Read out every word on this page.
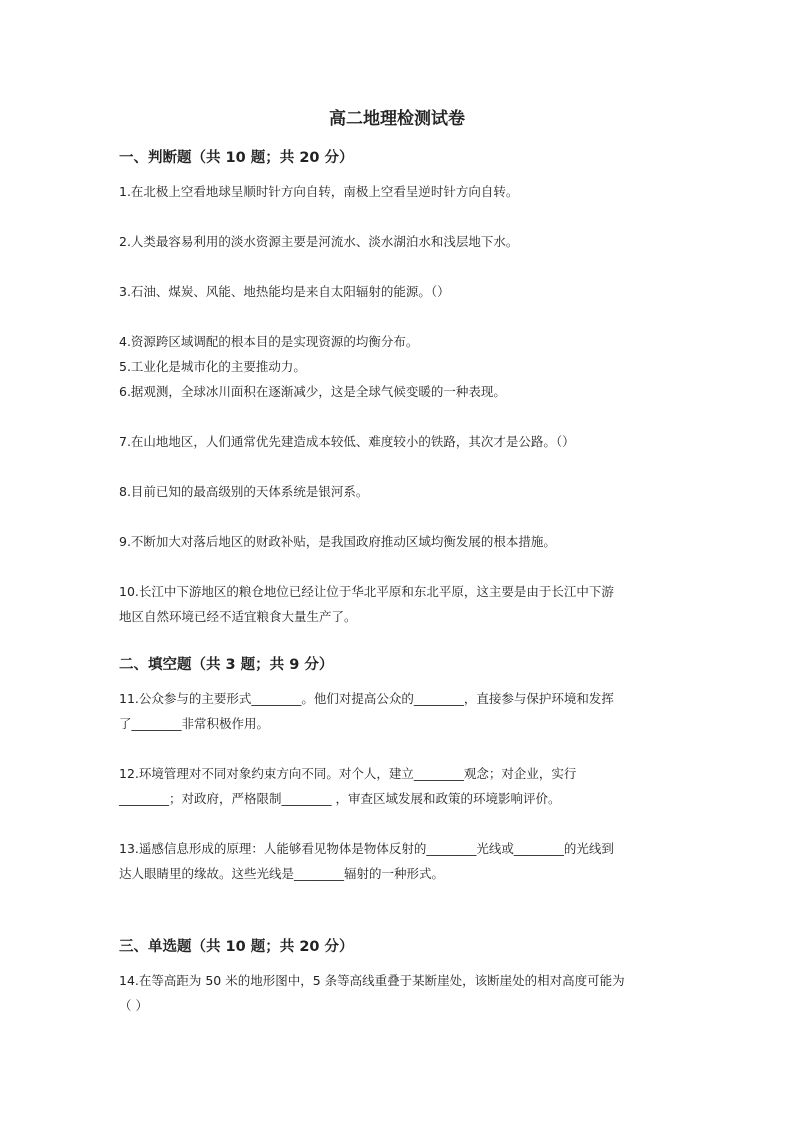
高二地理检测试卷
一、判断题（共 10 题；共 20 分）
1.在北极上空看地球呈顺时针方向自转，南极上空看呈逆时针方向自转。
2.人类最容易利用的淡水资源主要是河流水、淡水湖泊水和浅层地下水。
3.石油、煤炭、风能、地热能均是来自太阳辐射的能源。（）
4.资源跨区域调配的根本目的是实现资源的均衡分布。
5.工业化是城市化的主要推动力。
6.据观测，全球冰川面积在逐渐减少，这是全球气候变暖的一种表现。
7.在山地地区，人们通常优先建造成本较低、难度较小的铁路，其次才是公路。（）
8.目前已知的最高级别的天体系统是银河系。
9.不断加大对落后地区的财政补贴，是我国政府推动区域均衡发展的根本措施。
10.长江中下游地区的粮仓地位已经让位于华北平原和东北平原，这主要是由于长江中下游
地区自然环境已经不适宜粮食大量生产了。
二、填空题（共 3 题；共 9 分）
11.公众参与的主要形式________。他们对提高公众的________，直接参与保护环境和发挥
了________非常积极作用。
12.环境管理对不同对象约束方向不同。对个人，建立________观念；对企业，实行
________；对政府，严格限制________ ，审查区域发展和政策的环境影响评价。
13.遥感信息形成的原理：人能够看见物体是物体反射的________光线或________的光线到
达人眼睛里的缘故。这些光线是________辐射的一种形式。
三、单选题（共 10 题；共 20 分）
14.在等高距为 50 米的地形图中，5 条等高线重叠于某断崖处，该断崖处的相对高度可能为
（ ）
